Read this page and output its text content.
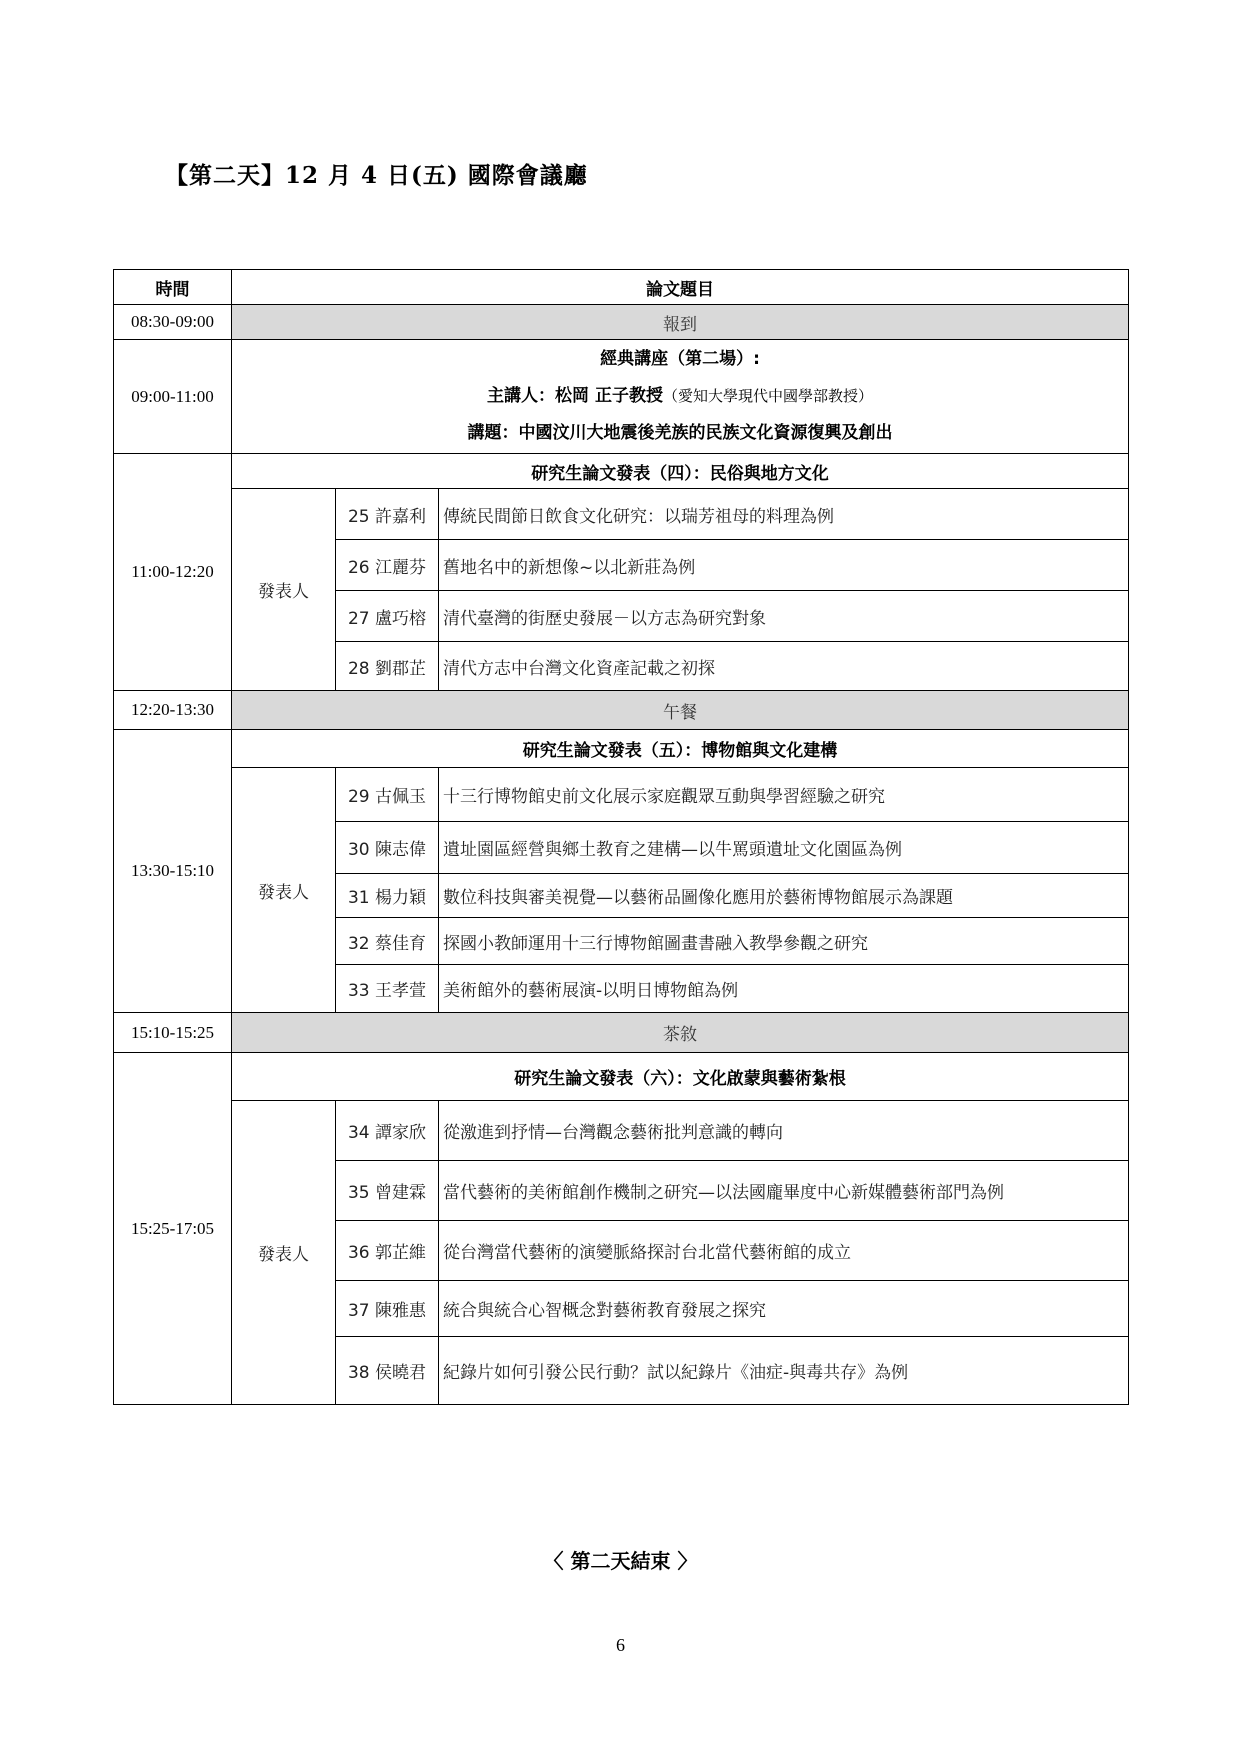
【第二天】12 月 4 日(五) 國際會議廳
時間	論文題目		
08:30-09:00	報到		
09:00-11:00	經典講座（第二場）:
主講人：松岡 正子教授（愛知大學現代中國學部教授）
講題：中國汶川大地震後羌族的民族文化資源復興及創出		

11:00-12:20	研究生論文發表（四）：民俗與地方文化		
	發表人	25 許嘉利	傳統民間節日飲食文化研究：以瑞芳祖母的料理為例
		26 江麗芬	舊地名中的新想像~以北新莊為例
		27 盧巧榕	清代臺灣的街歷史發展－以方志為研究對象
		28 劉郡芷	清代方志中台灣文化資產記載之初探
12:20-13:30	午餐		
13:30-15:10	研究生論文發表（五）：博物館與文化建構		
	發表人	29 古佩玉	十三行博物館史前文化展示家庭觀眾互動與學習經驗之研究
		30 陳志偉	遺址園區經營與鄉土教育之建構—以牛罵頭遺址文化園區為例
		31 楊力穎	數位科技與審美視覺—以藝術品圖像化應用於藝術博物館展示為課題
		32 蔡佳育	探國小教師運用十三行博物館圖畫書融入教學參觀之研究
		33 王孝萱	美術館外的藝術展演-以明日博物館為例
15:10-15:25	茶敘		
15:25-17:05	研究生論文發表（六）：文化啟蒙與藝術紮根		
	發表人	34 譚家欣	從激進到抒情—台灣觀念藝術批判意識的轉向
		35 曾建霖	當代藝術的美術館創作機制之研究—以法國龐畢度中心新媒體藝術部門為例
		36 郭芷維	從台灣當代藝術的演變脈絡探討台北當代藝術館的成立
		37 陳雅惠	統合與統合心智概念對藝術教育發展之探究
		38 侯曉君	紀錄片如何引發公民行動？試以紀錄片《油症-與毒共存》為例
〈 第二天結束 〉
6
